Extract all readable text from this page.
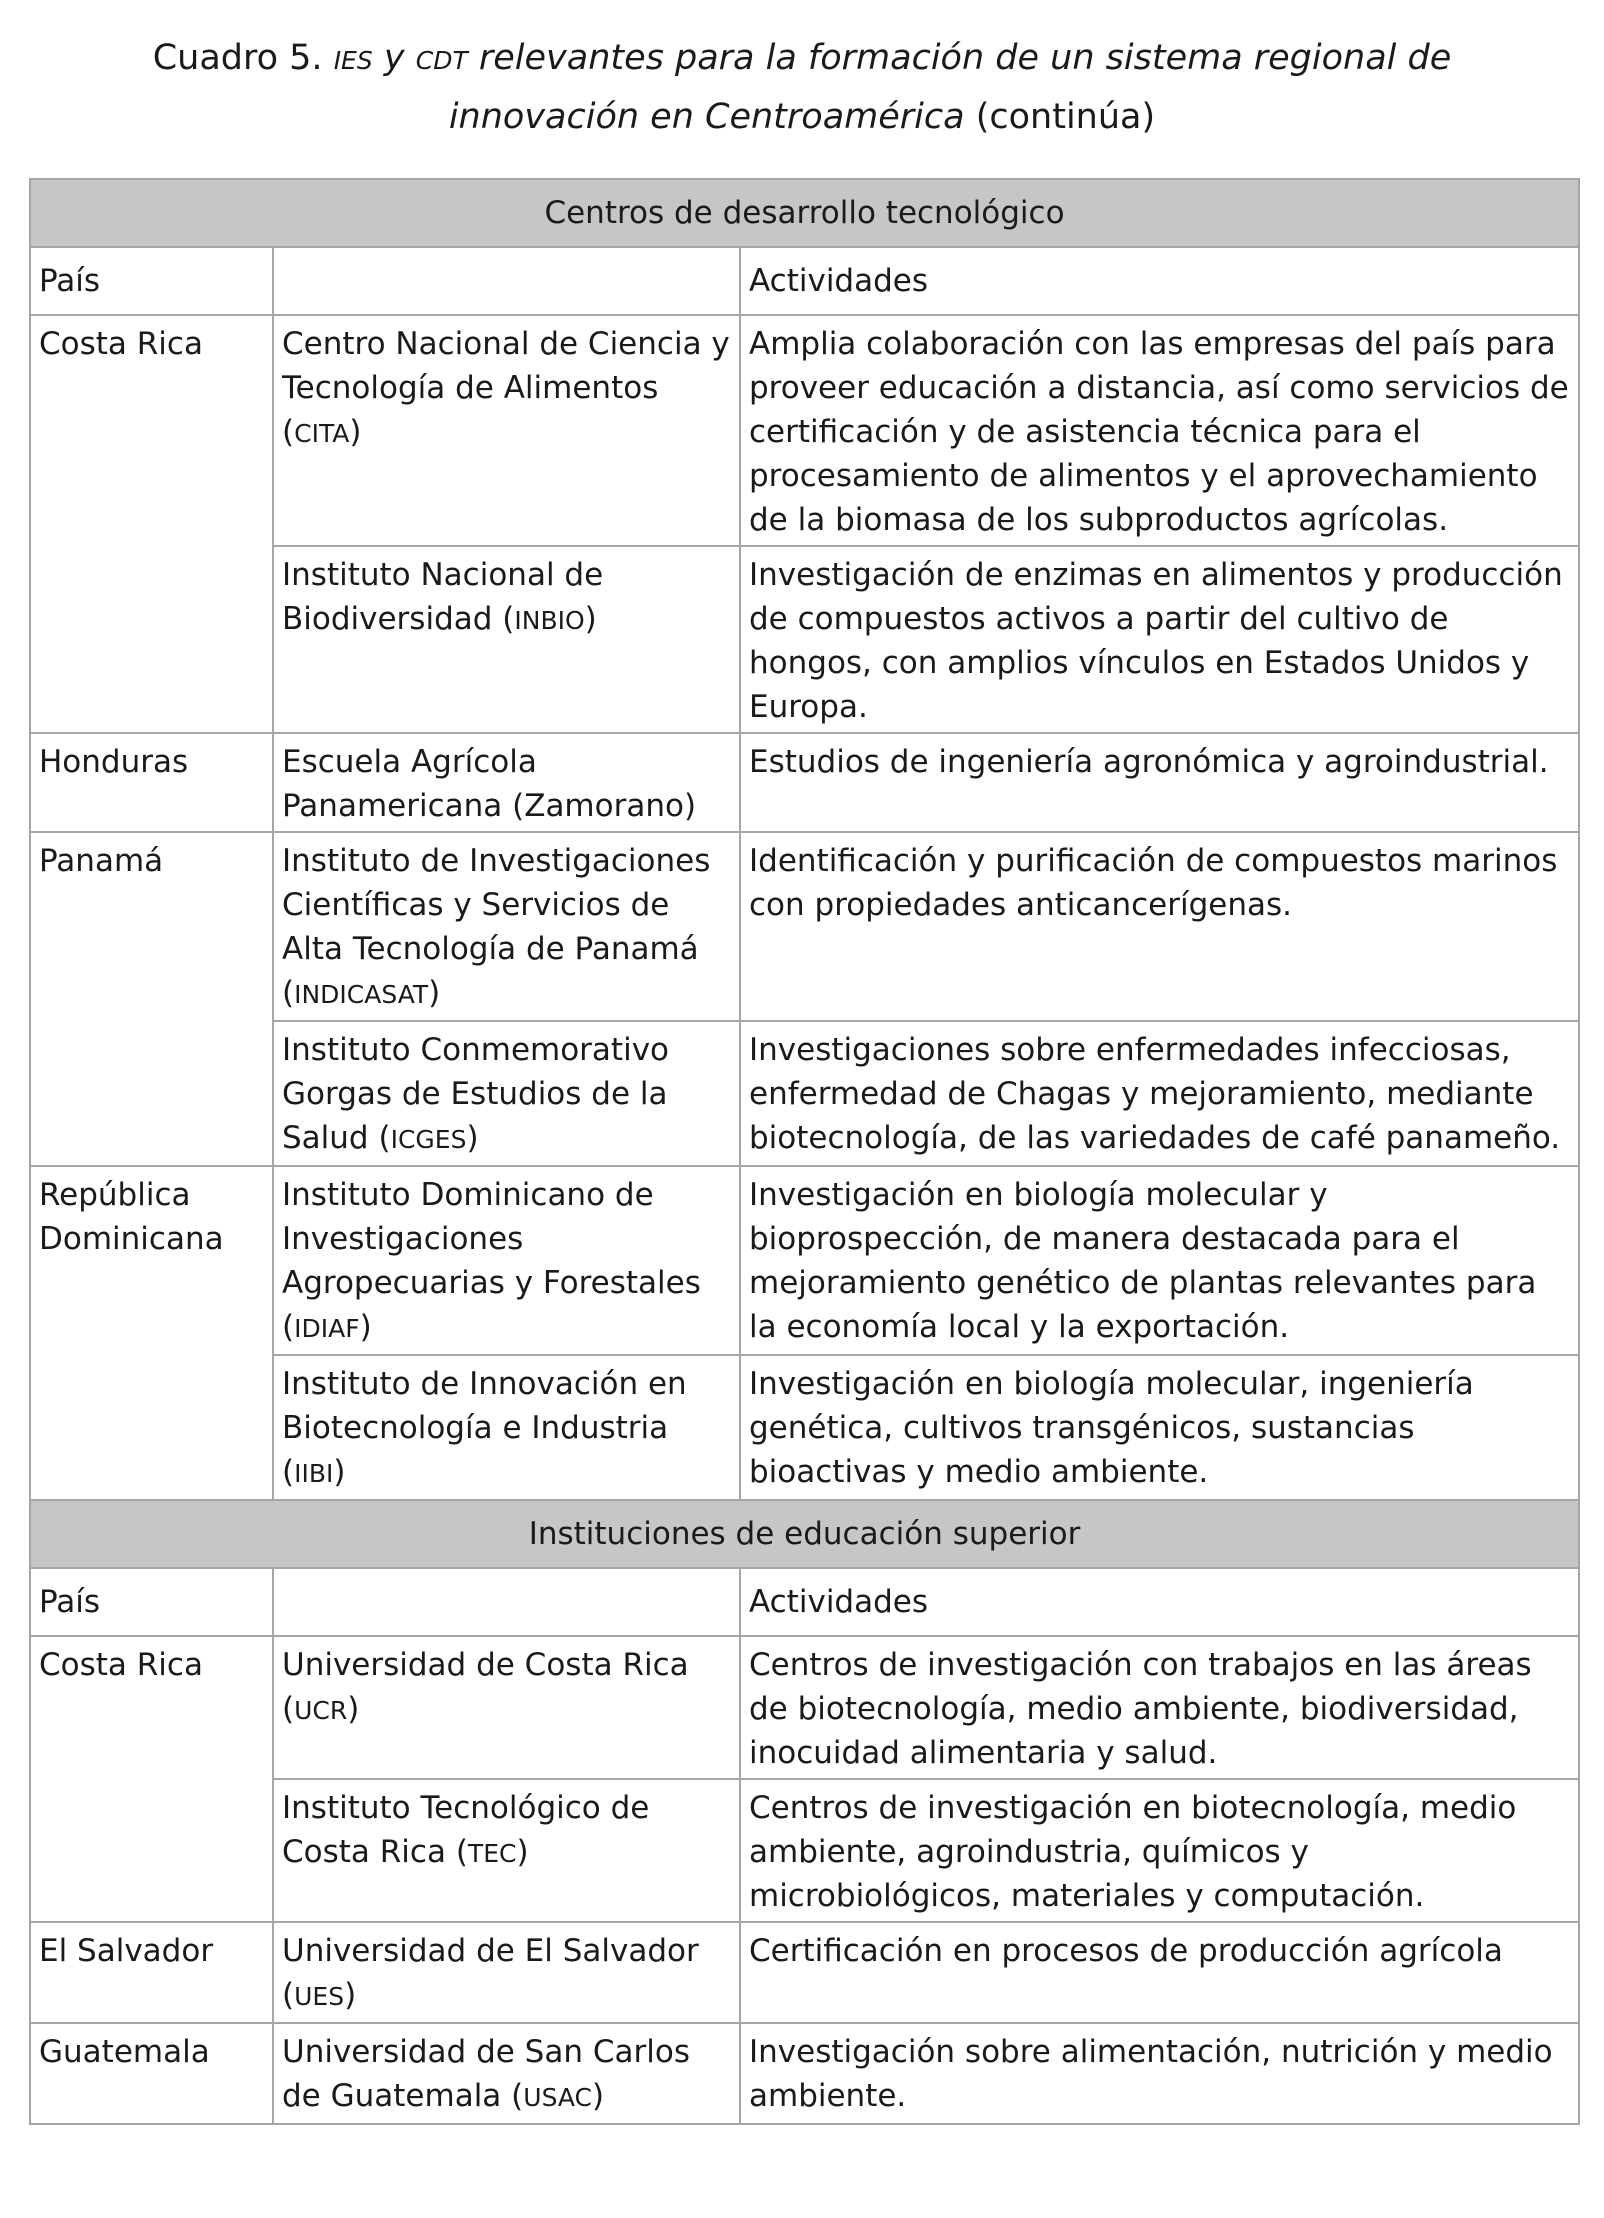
Cuadro 5. IES y CDT relevantes para la formación de un sistema regional de innovación en Centroamérica (continúa)
Centros de desarrollo tecnológico		
País		Actividades
Costa Rica	Centro Nacional de Ciencia y Tecnología de Alimentos (CITA)	Amplia colaboración con las empresas del país para proveer educación a distancia, así como servicios de certificación y de asistencia técnica para el procesamiento de alimentos y el aprovechamiento de la biomasa de los subproductos agrícolas.
	Instituto Nacional de Biodiversidad (INBIO)	Investigación de enzimas en alimentos y producción de compuestos activos a partir del cultivo de hongos, con amplios vínculos en Estados Unidos y Europa.
Honduras	Escuela Agrícola Panamericana (Zamorano)	Estudios de ingeniería agronómica y agroindustrial.
Panamá	Instituto de Investigaciones Científicas y Servicios de Alta Tecnología de Panamá (INDICASAT)	Identificación y purificación de compuestos marinos con propiedades anticancerígenas.
	Instituto Conmemorativo Gorgas de Estudios de la Salud (ICGES)	Investigaciones sobre enfermedades infecciosas, enfermedad de Chagas y mejoramiento, mediante biotecnología, de las variedades de café panameño.
República Dominicana	Instituto Dominicano de Investigaciones Agropecuarias y Forestales (IDIAF)	Investigación en biología molecular y bioprospección, de manera destacada para el mejoramiento genético de plantas relevantes para la economía local y la exportación.
	Instituto de Innovación en Biotecnología e Industria (IIBI)	Investigación en biología molecular, ingeniería genética, cultivos transgénicos, sustancias bioactivas y medio ambiente.
Instituciones de educación superior		
País		Actividades
Costa Rica	Universidad de Costa Rica (UCR)	Centros de investigación con trabajos en las áreas de biotecnología, medio ambiente, biodiversidad, inocuidad alimentaria y salud.
	Instituto Tecnológico de Costa Rica (TEC)	Centros de investigación en biotecnología, medio ambiente, agroindustria, químicos y microbiológicos, materiales y computación.
El Salvador	Universidad de El Salvador (UES)	Certificación en procesos de producción agrícola
Guatemala	Universidad de San Carlos de Guatemala (USAC)	Investigación sobre alimentación, nutrición y medio ambiente.
